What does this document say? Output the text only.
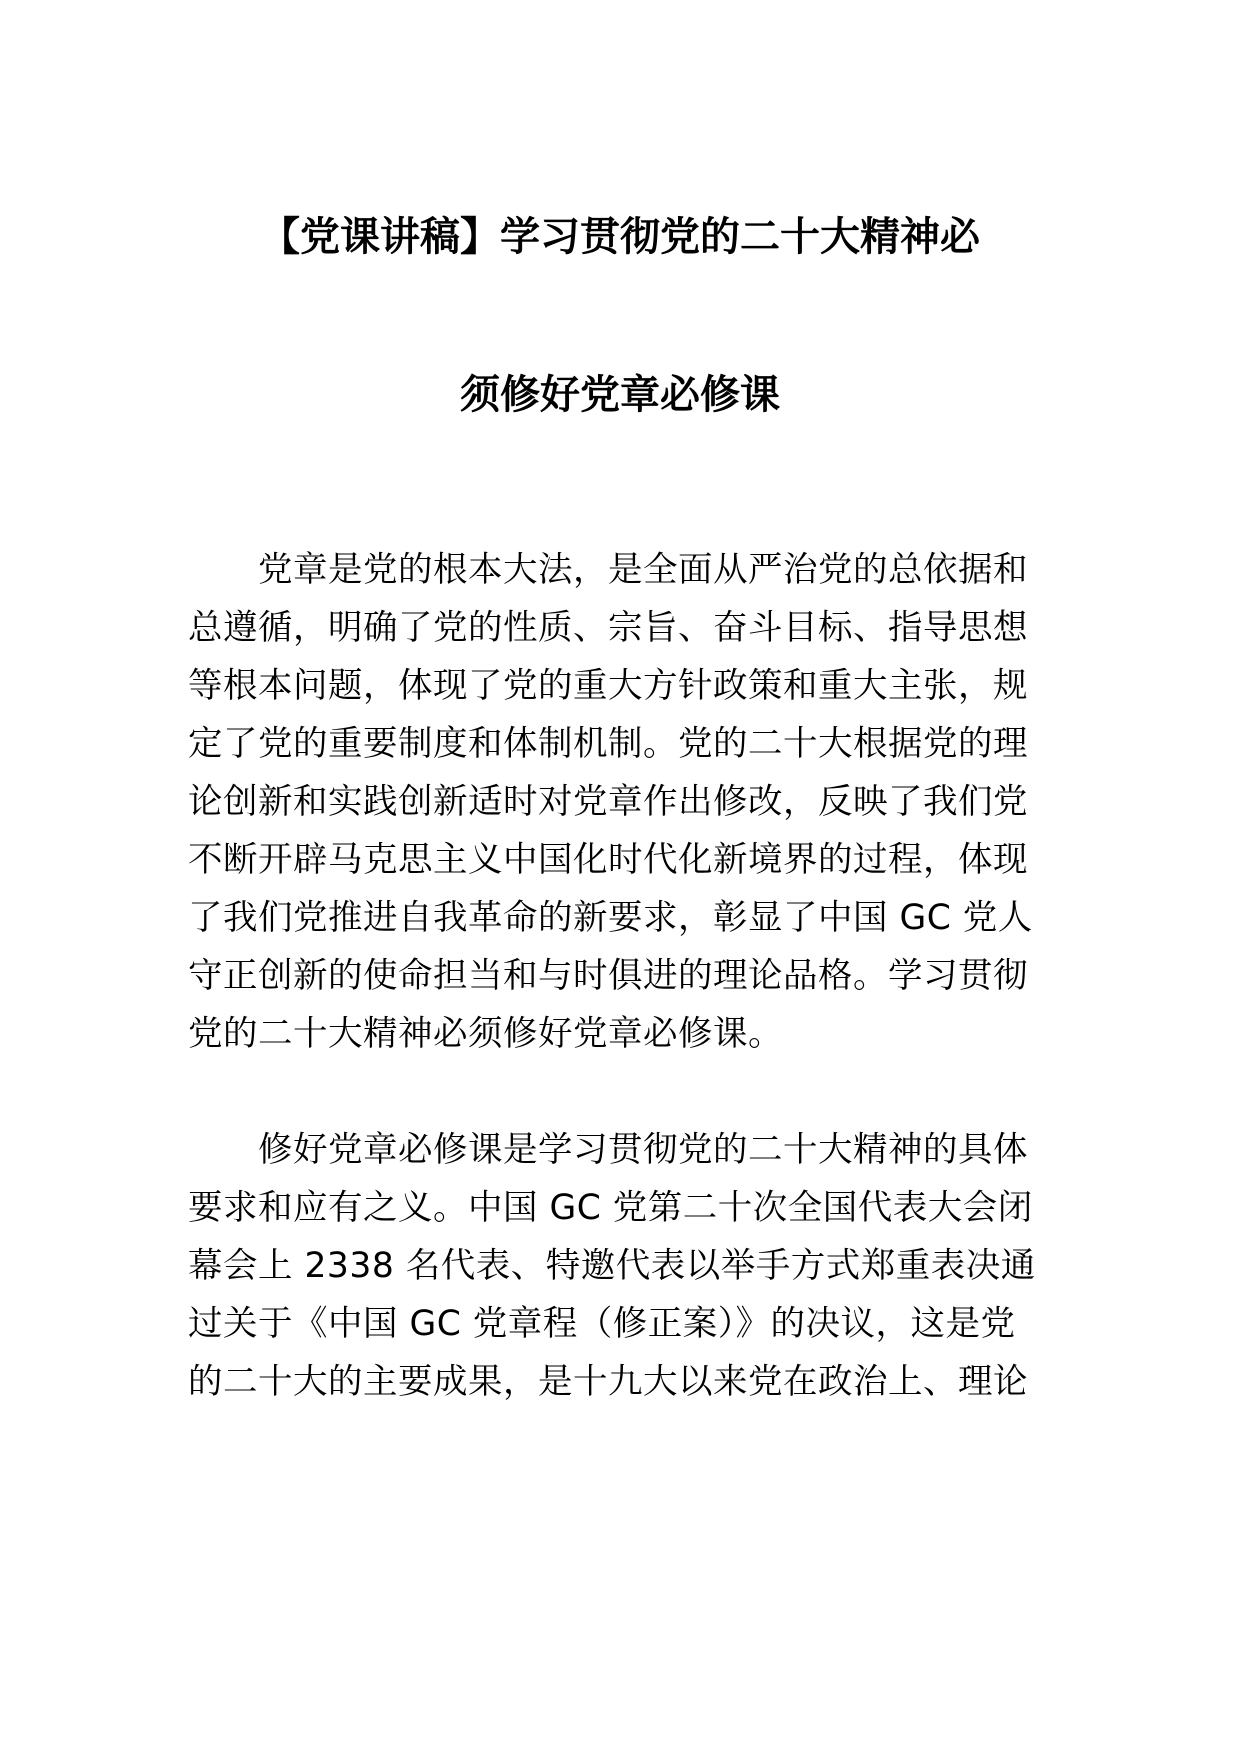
【党课讲稿】学习贯彻党的二十大精神必
须修好党章必修课
党章是党的根本大法，是全面从严治党的总依据和
总遵循，明确了党的性质、宗旨、奋斗目标、指导思想
等根本问题，体现了党的重大方针政策和重大主张，规
定了党的重要制度和体制机制。党的二十大根据党的理
论创新和实践创新适时对党章作出修改，反映了我们党
不断开辟马克思主义中国化时代化新境界的过程，体现
了我们党推进自我革命的新要求，彰显了中国 GC 党人
守正创新的使命担当和与时俱进的理论品格。学习贯彻
党的二十大精神必须修好党章必修课。
修好党章必修课是学习贯彻党的二十大精神的具体
要求和应有之义。中国 GC 党第二十次全国代表大会闭
幕会上 2338 名代表、特邀代表以举手方式郑重表决通
过关于《中国 GC 党章程（修正案）》的决议，这是党
的二十大的主要成果，是十九大以来党在政治上、理论
